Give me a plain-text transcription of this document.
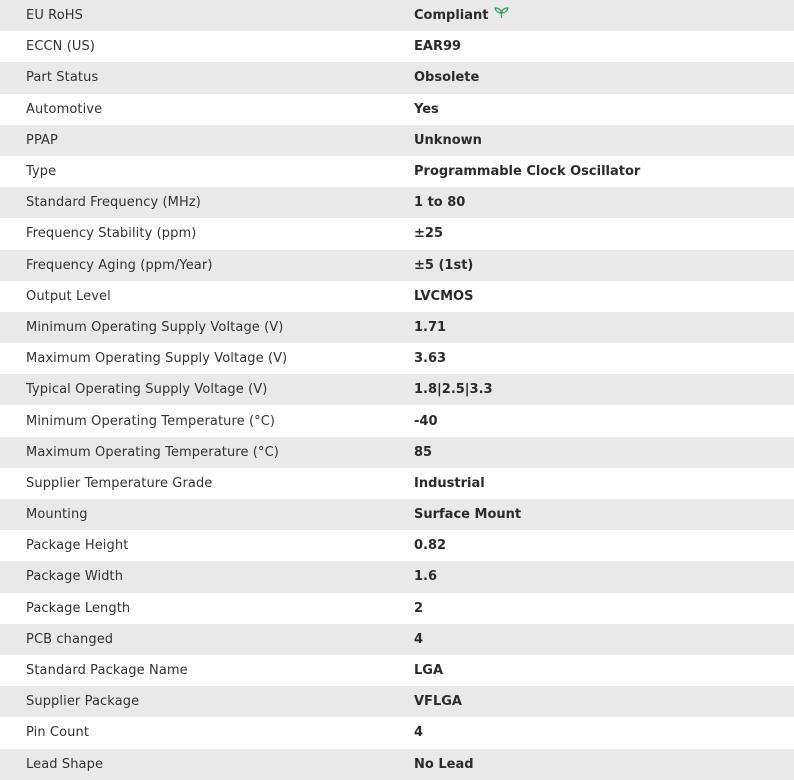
EU RoHS	Compliant
ECCN (US)	EAR99
Part Status	Obsolete
Automotive	Yes
PPAP	Unknown
Type	Programmable Clock Oscillator
Standard Frequency (MHz)	1 to 80
Frequency Stability (ppm)	±25
Frequency Aging (ppm/Year)	±5 (1st)
Output Level	LVCMOS
Minimum Operating Supply Voltage (V)	1.71
Maximum Operating Supply Voltage (V)	3.63
Typical Operating Supply Voltage (V)	1.8|2.5|3.3
Minimum Operating Temperature (°C)	-40
Maximum Operating Temperature (°C)	85
Supplier Temperature Grade	Industrial
Mounting	Surface Mount
Package Height	0.82
Package Width	1.6
Package Length	2
PCB changed	4
Standard Package Name	LGA
Supplier Package	VFLGA
Pin Count	4
Lead Shape	No Lead
